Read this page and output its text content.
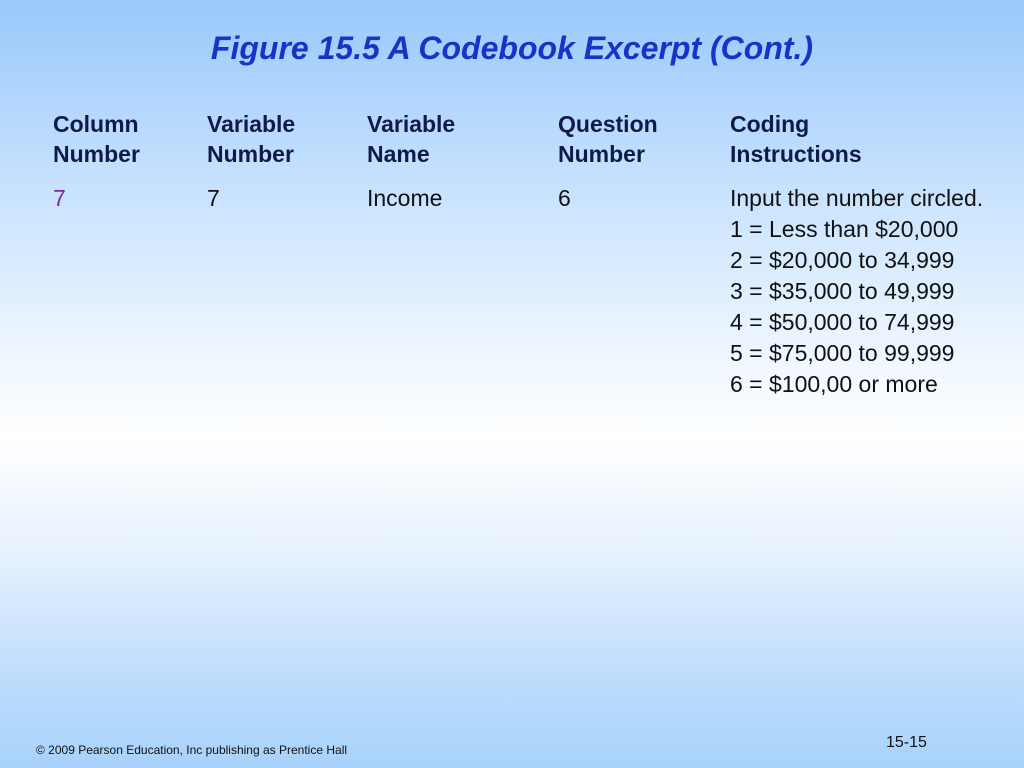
Figure 15.5 A Codebook Excerpt (Cont.)
Column
Number
7
Variable
Number
7
Variable
Name
Income
Question
Number
6
Coding
Instructions
Input the number circled.
1 = Less than $20,000
2 = $20,000 to 34,999
3 = $35,000 to 49,999
4 = $50,000 to 74,999
5 = $75,000 to 99,999
6 = $100,00 or more
© 2009 Pearson Education, Inc publishing as Prentice Hall	15-15
